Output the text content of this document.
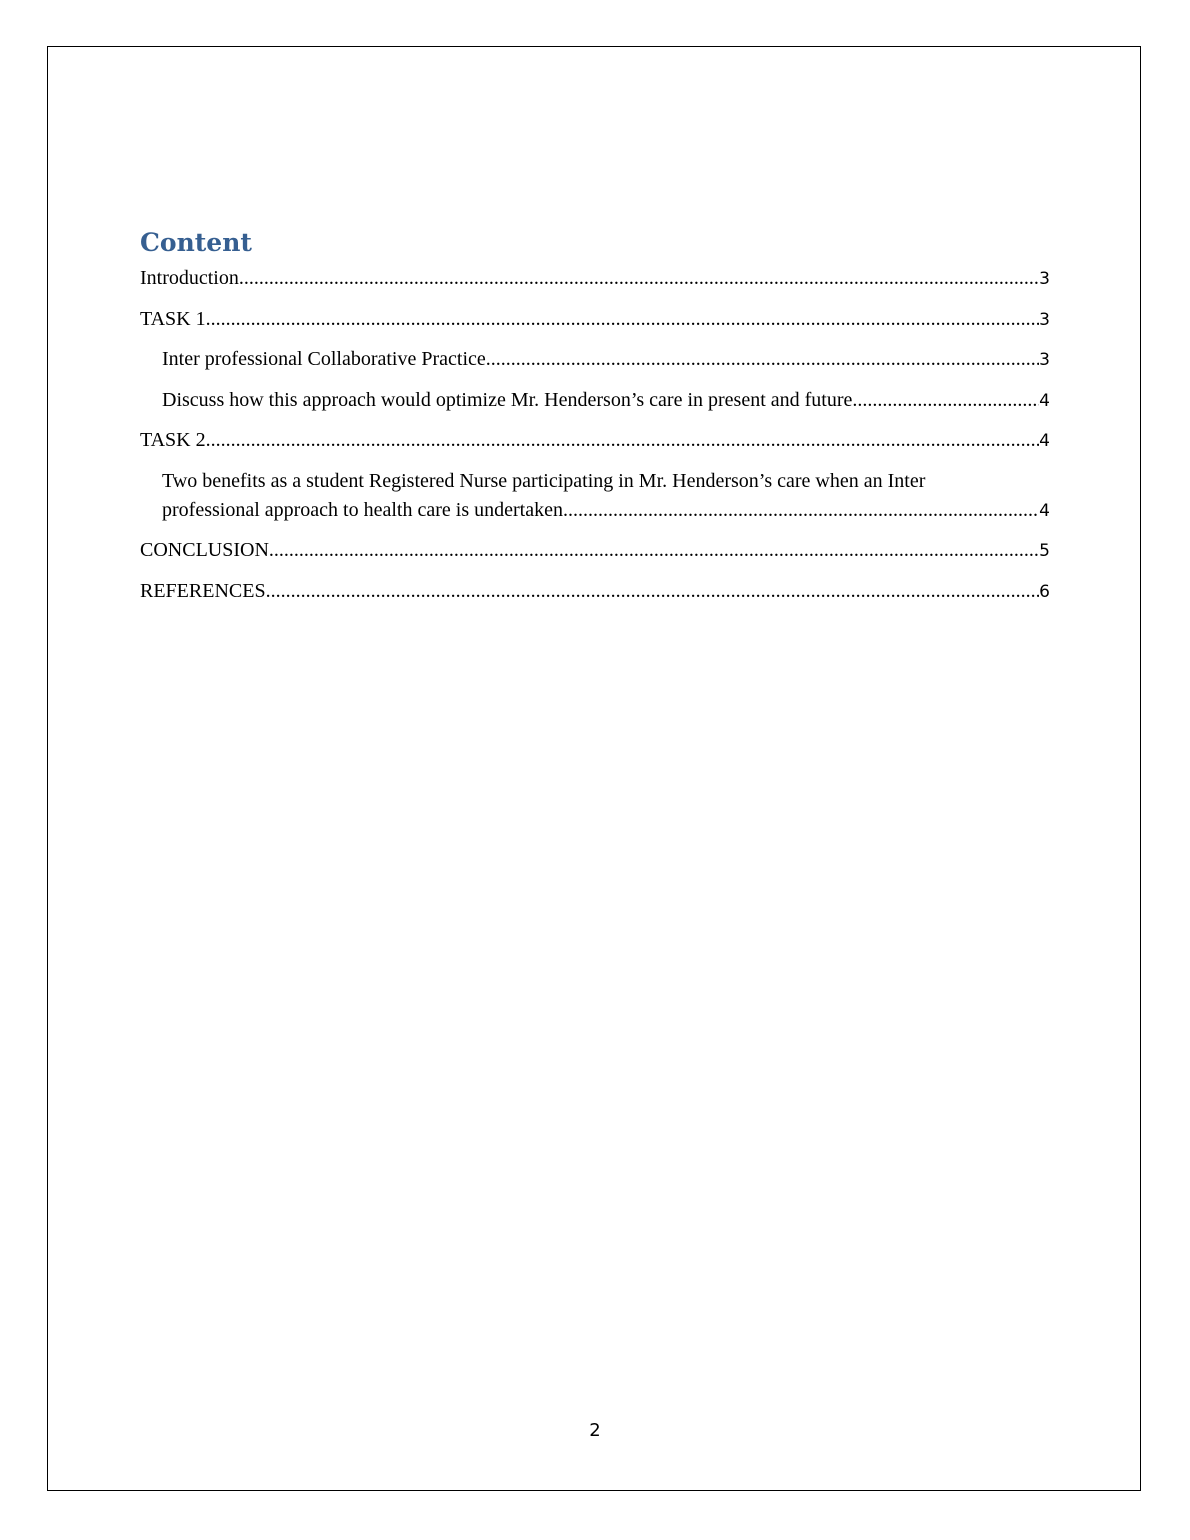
Content
Introduction .....	3
TASK 1 .....	3
Inter professional Collaborative Practice .....	3
Discuss how this approach would optimize Mr. Henderson’s care in present and future .....	4
TASK 2 .....	4
Two benefits as a student Registered Nurse participating in Mr. Henderson’s care when an Inter
professional approach to health care is undertaken .....	4
CONCLUSION .....	5
REFERENCES .....	6
2
